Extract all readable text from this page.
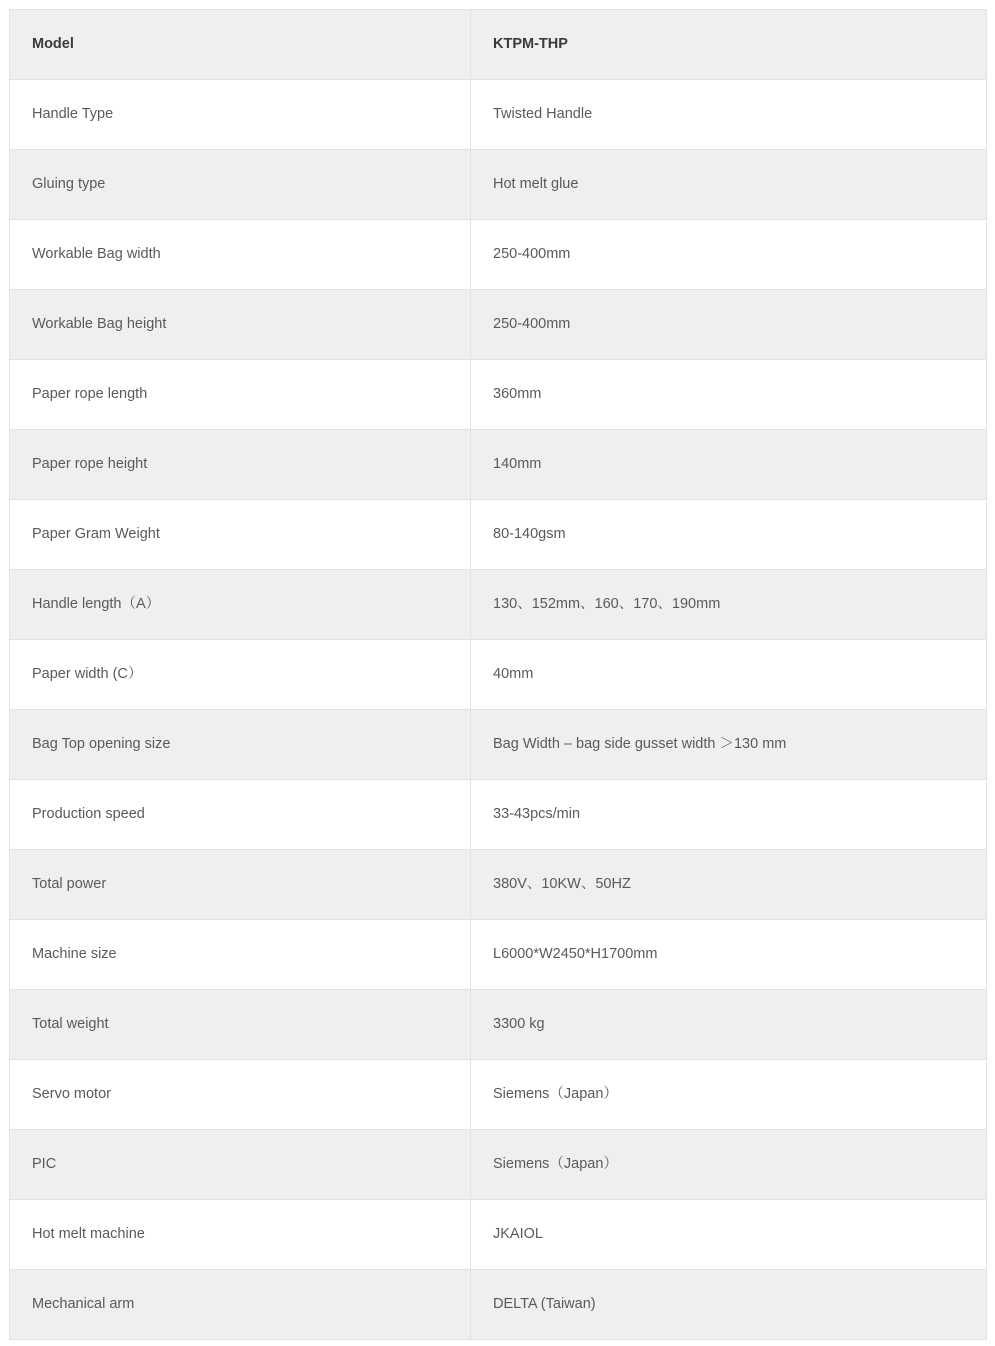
Model	KTPM-THP
Handle Type	Twisted Handle
Gluing type	Hot melt glue
Workable Bag width	250-400mm
Workable Bag height	250-400mm
Paper rope length	360mm
Paper rope height	140mm
Paper Gram Weight	80-140gsm
Handle length（A）	130、152mm、160、170、190mm
Paper width (C）	40mm
Bag Top opening size	Bag Width – bag side gusset width ＞130 mm
Production speed	33-43pcs/min
Total power	380V、10KW、50HZ
Machine size	L6000*W2450*H1700mm
Total weight	3300 kg
Servo motor	Siemens（Japan）
PIC	Siemens（Japan）
Hot melt machine	JKAIOL
Mechanical arm	DELTA (Taiwan)
